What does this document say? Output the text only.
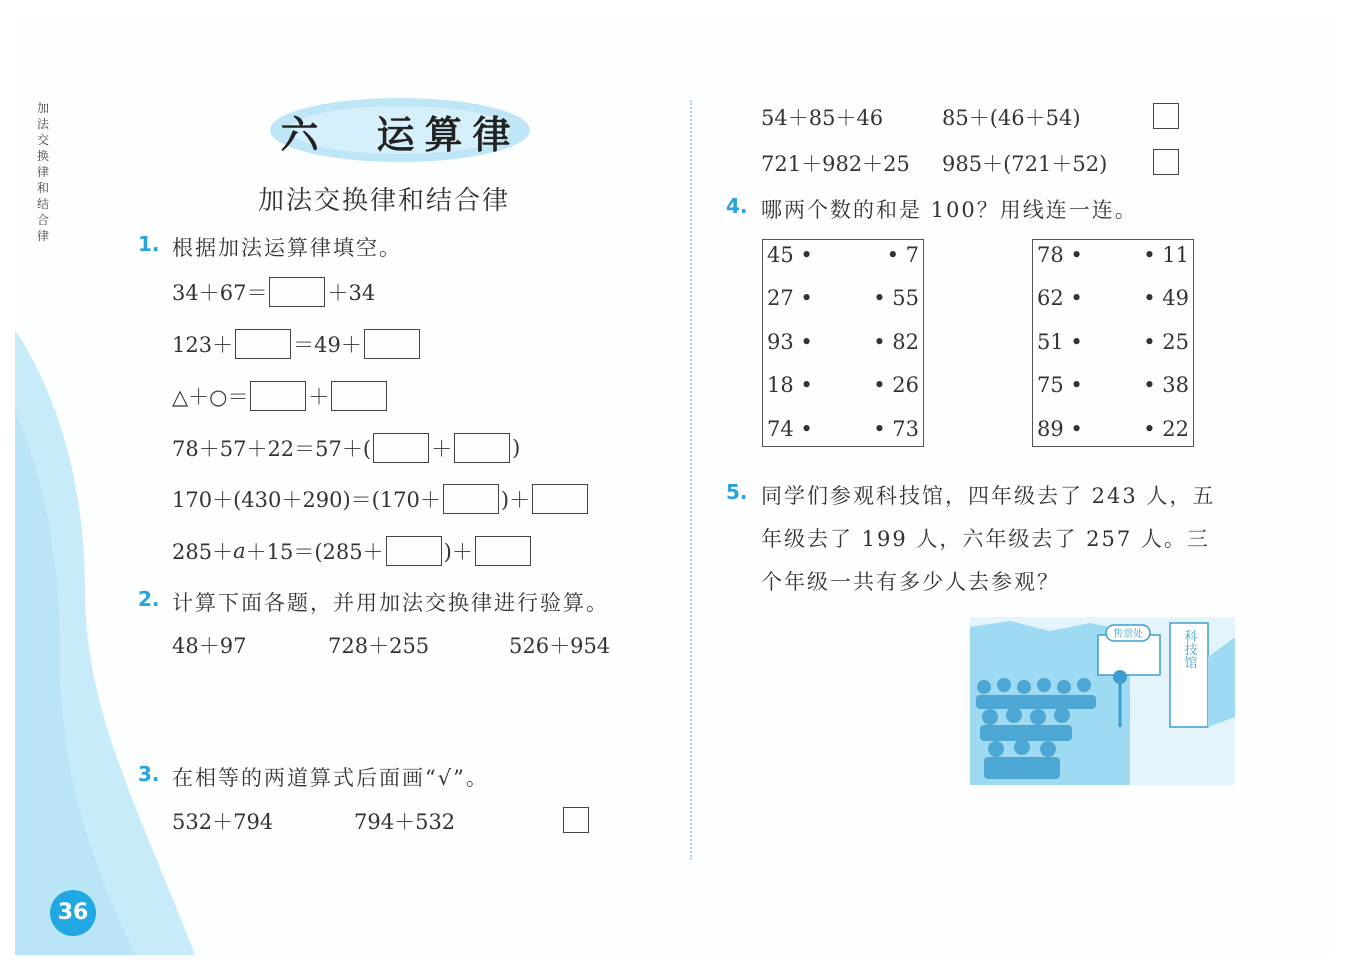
加
法
交
换
律
和
结
合
律
六　运算律
加法交换律和结合律
1. 根据加法运算律填空。
34＋67＝	＋34
123＋	＝49＋
△＋○＝	＋
78＋57＋22＝57＋(	＋	)
170＋(430＋290)＝(170＋	)＋
285＋ a ＋15＝(285＋	)＋
2. 计算下面各题，并用加法交换律进行验算。
48＋97	728＋255	526＋954
3. 在相等的两道算式后面画“√”。
532＋794	794＋532
54＋85＋46	85＋(46＋54)
721＋982＋25 985＋(721＋52)
4. 哪两个数的和是 100？用线连一连。
45 •	• 7
27 •	• 55
93 •	• 82
18 •	• 26
74 •	• 73
78 •	• 11
62 •	• 49
51 •	• 25
75 •	• 38
89 •	• 22
5. 同学们参观科技馆，四年级去了 243 人，五
年级去了 199 人，六年级去了 257 人。三
个年级一共有多少人去参观？
售票处	科技馆
36
